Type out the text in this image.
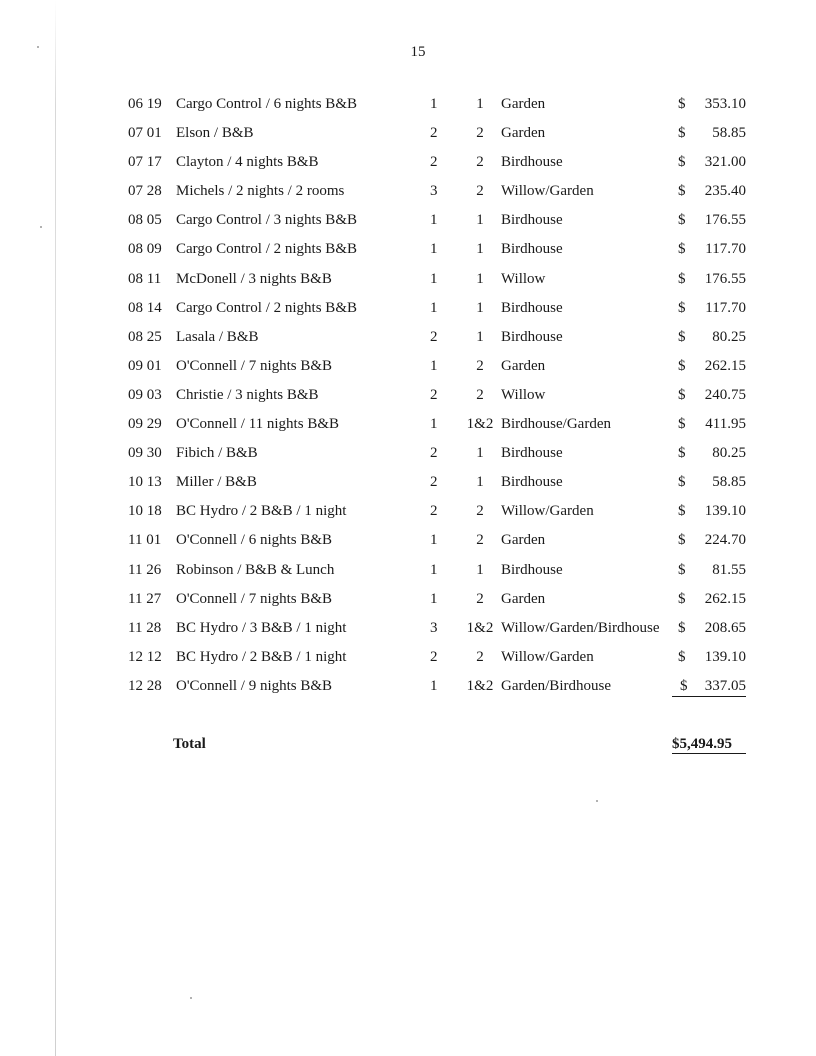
15
06 19 Cargo Control / 6 nights B&B	1	1	Garden	$ 353.10
07 01 Elson / B&B	2	2	Garden	$ 58.85
07 17 Clayton / 4 nights B&B	2	2	Birdhouse	$ 321.00
07 28 Michels / 2 nights / 2 rooms	3	2	Willow/Garden	$ 235.40
08 05 Cargo Control / 3 nights B&B	1	1	Birdhouse	$ 176.55
08 09 Cargo Control / 2 nights B&B	1	1	Birdhouse	$ 117.70
08 11 McDonell / 3 nights B&B	1	1	Willow	$ 176.55
08 14 Cargo Control / 2 nights B&B	1	1	Birdhouse	$ 117.70
08 25 Lasala / B&B	2	1	Birdhouse	$ 80.25
09 01 O'Connell / 7 nights B&B	1	2	Garden	$ 262.15
09 03 Christie / 3 nights B&B	2	2	Willow	$ 240.75
09 29 O'Connell / 11 nights B&B	1 1&2 Birdhouse/Garden	$ 411.95
09 30 Fibich / B&B	2	1	Birdhouse	$ 80.25
10 13 Miller / B&B	2	1	Birdhouse	$ 58.85
10 18 BC Hydro / 2 B&B / 1 night	2	2	Willow/Garden	$ 139.10
11 01 O'Connell / 6 nights B&B	1	2	Garden	$ 224.70
11 26 Robinson / B&B & Lunch	1	1	Birdhouse	$ 81.55
11 27 O'Connell / 7 nights B&B	1	2	Garden	$ 262.15
11 28 BC Hydro / 3 B&B / 1 night	3 1&2 Willow/Garden/Birdhouse $ 208.65
12 12 BC Hydro / 2 B&B / 1 night	2	2	Willow/Garden	$ 139.10
12 28 O'Connell / 9 nights B&B	1 1&2 Garden/Birdhouse	$ 337.05
Total	$5,494.95
